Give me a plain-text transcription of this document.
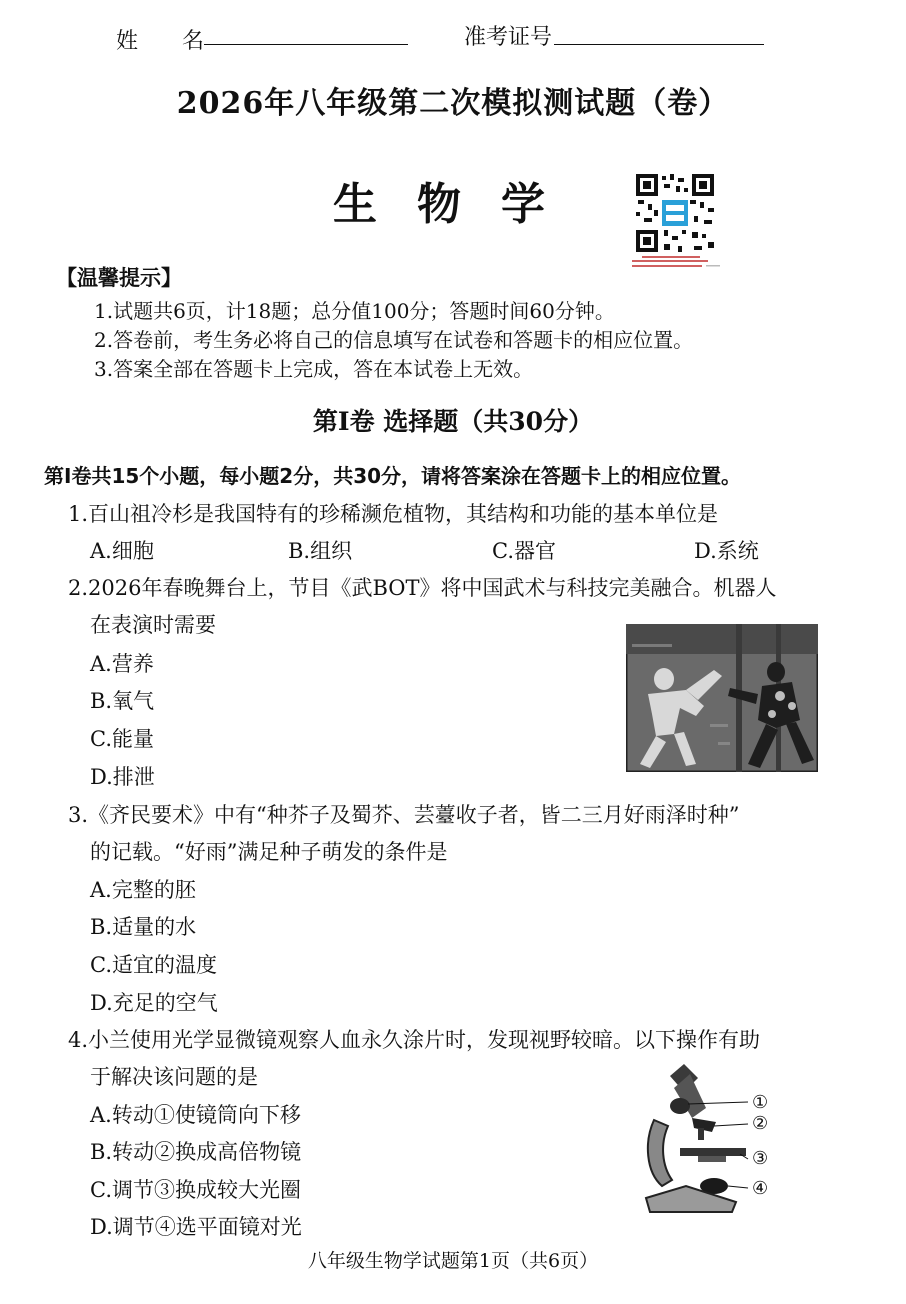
姓　　名	准考证号
2026年八年级第二次模拟测试题（卷）
生物学
【温馨提示】
1.试题共6页，计18题；总分值100分；答题时间60分钟。
2.答卷前，考生务必将自己的信息填写在试卷和答题卡的相应位置。
3.答案全部在答题卡上完成，答在本试卷上无效。
第Ⅰ卷 选择题（共30分）
第Ⅰ卷共15个小题，每小题2分，共30分，请将答案涂在答题卡上的相应位置。
1.百山祖冷杉是我国特有的珍稀濒危植物，其结构和功能的基本单位是
A.细胞	B.组织	C.器官	D.系统
2.2026年春晚舞台上，节目《武BOT》将中国武术与科技完美融合。机器人
在表演时需要
A.营养
B.氧气
C.能量
D.排泄
3.《齐民要术》中有“种芥子及蜀芥、芸薹收子者，皆二三月好雨泽时种”
的记载。“好雨”满足种子萌发的条件是
A.完整的胚
B.适量的水
C.适宜的温度
D.充足的空气
4.小兰使用光学显微镜观察人血永久涂片时，发现视野较暗。以下操作有助
于解决该问题的是
A.转动①使镜筒向下移
B.转动②换成高倍物镜
C.调节③换成较大光圈
D.调节④选平面镜对光
①
②
③
④
八年级生物学试题第1页（共6页）
